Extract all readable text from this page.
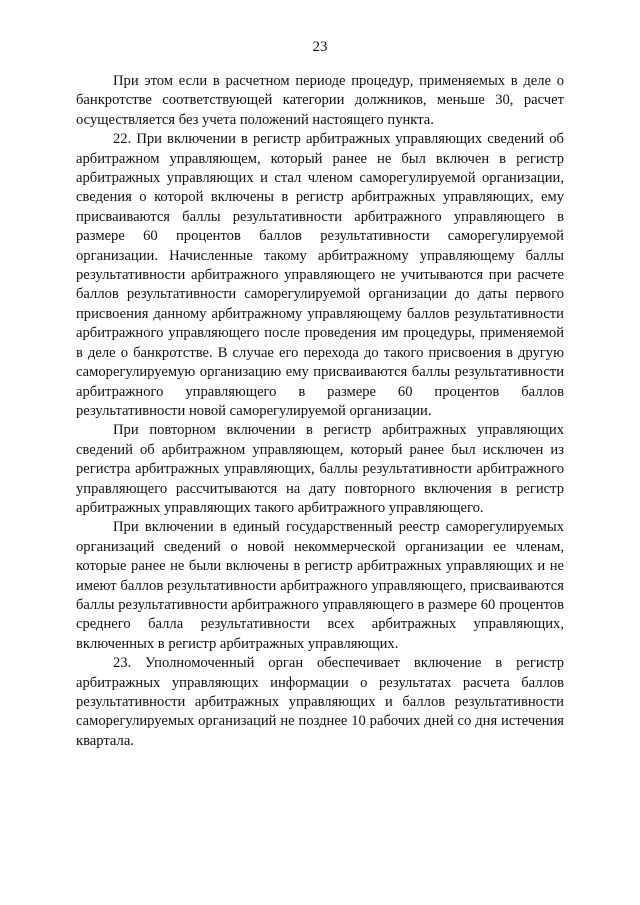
23

При этом если в расчетном периоде процедур, применяемых в деле о банкротстве соответствующей категории должников, меньше 30, расчет осуществляется без учета положений настоящего пункта.

22. При включении в регистр арбитражных управляющих сведений об арбитражном управляющем, который ранее не был включен в регистр арбитражных управляющих и стал членом саморегулируемой организации, сведения о которой включены в регистр арбитражных управляющих, ему присваиваются баллы результативности арбитражного управляющего в размере 60 процентов баллов результативности саморегулируемой организации. Начисленные такому арбитражному управляющему баллы результативности арбитражного управляющего не учитываются при расчете баллов результативности саморегулируемой организации до даты первого присвоения данному арбитражному управляющему баллов результативности арбитражного управляющего после проведения им процедуры, применяемой в деле о банкротстве. В случае его перехода до такого присвоения в другую саморегулируемую организацию ему присваиваются баллы результативности арбитражного управляющего в размере 60 процентов баллов результативности новой саморегулируемой организации.

При повторном включении в регистр арбитражных управляющих сведений об арбитражном управляющем, который ранее был исключен из регистра арбитражных управляющих, баллы результативности арбитражного управляющего рассчитываются на дату повторного включения в регистр арбитражных управляющих такого арбитражного управляющего.

При включении в единый государственный реестр саморегулируемых организаций сведений о новой некоммерческой организации ее членам, которые ранее не были включены в регистр арбитражных управляющих и не имеют баллов результативности арбитражного управляющего, присваиваются баллы результативности арбитражного управляющего в размере 60 процентов среднего балла результативности всех арбитражных управляющих, включенных в регистр арбитражных управляющих.

23. Уполномоченный орган обеспечивает включение в регистр арбитражных управляющих информации о результатах расчета баллов результативности арбитражных управляющих и баллов результативности саморегулируемых организаций не позднее 10 рабочих дней со дня истечения квартала.
